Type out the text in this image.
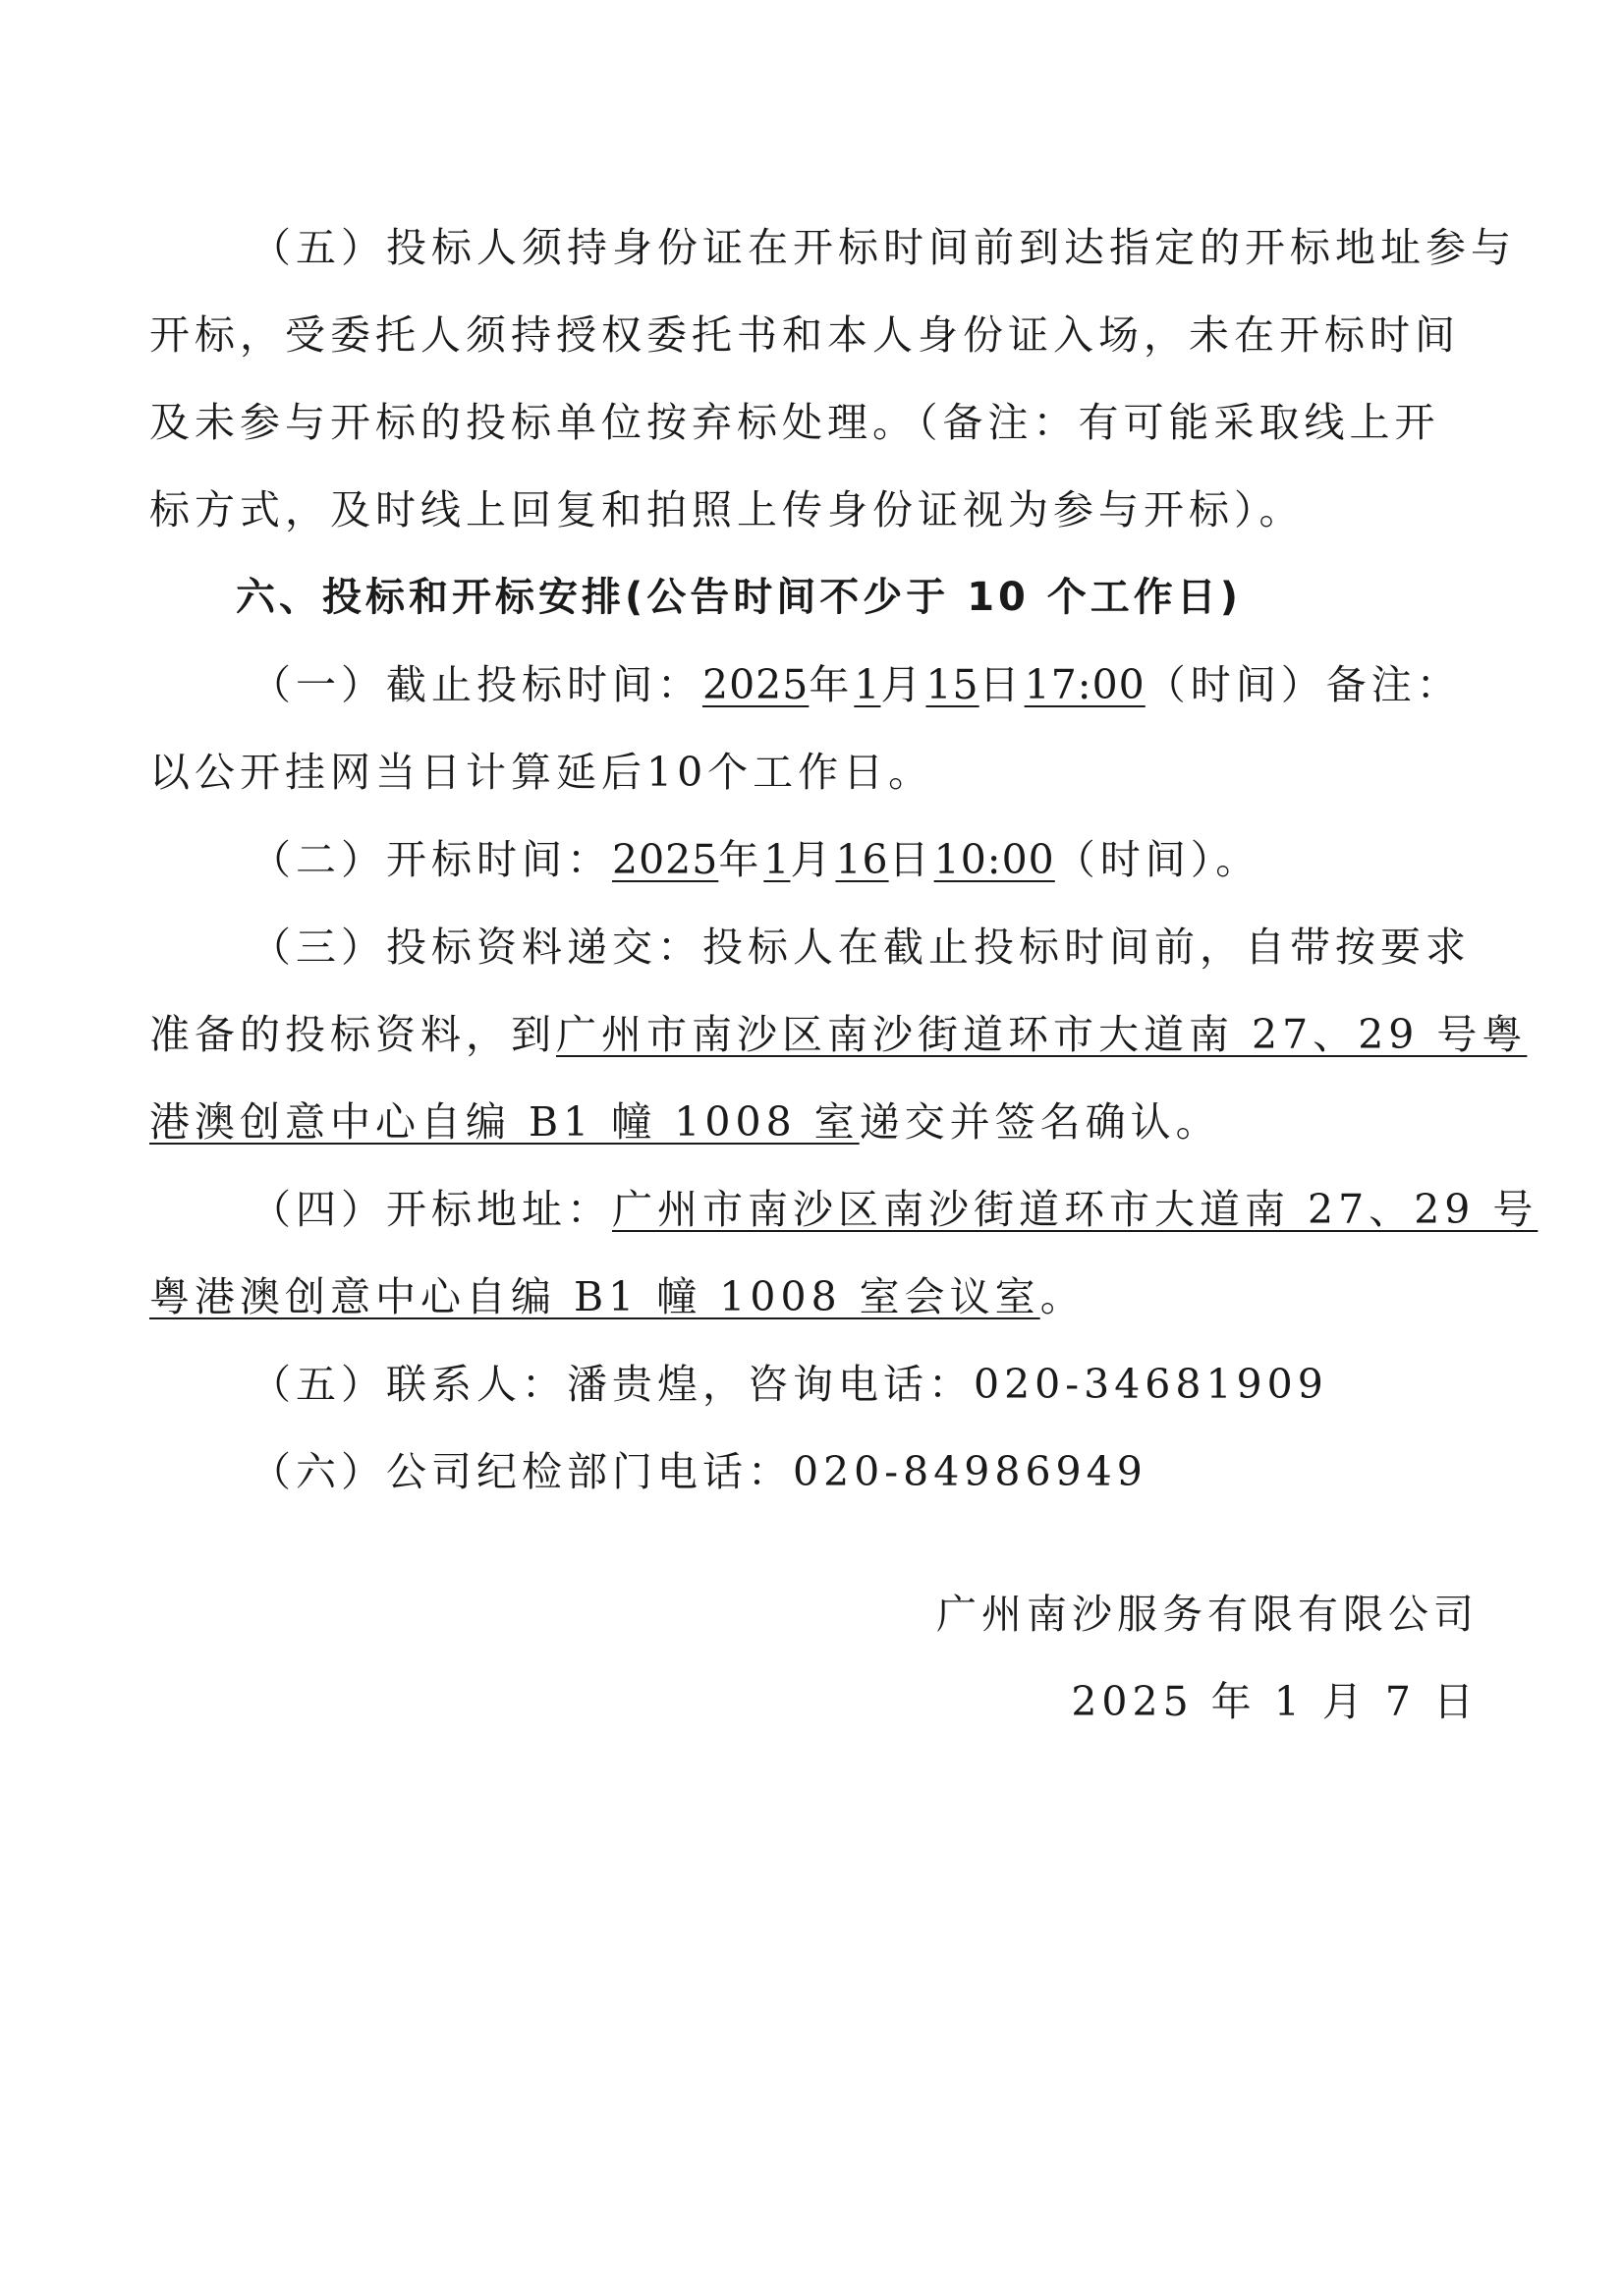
（五）投标人须持身份证在开标时间前到达指定的开标地址参与
开标，受委托人须持授权委托书和本人身份证入场，未在开标时间
及未参与开标的投标单位按弃标处理。（备注：有可能采取线上开
标方式，及时线上回复和拍照上传身份证视为参与开标）。
六、投标和开标安排(公告时间不少于 10 个工作日)
（一）截止投标时间：2025年1月15日17:00（时间）备注：
以公开挂网当日计算延后10个工作日。
（二）开标时间：2025年1月16日10:00（时间）。
（三）投标资料递交：投标人在截止投标时间前，自带按要求
准备的投标资料，到广州市南沙区南沙街道环市大道南 27、29 号粤
港澳创意中心自编 B1 幢 1008 室递交并签名确认。
（四）开标地址：广州市南沙区南沙街道环市大道南 27、29 号
粤港澳创意中心自编 B1 幢 1008 室会议室。
（五）联系人：潘贵煌，咨询电话：020-34681909
（六）公司纪检部门电话：020-84986949
广州南沙服务有限有限公司
2025 年 1 月 7 日
